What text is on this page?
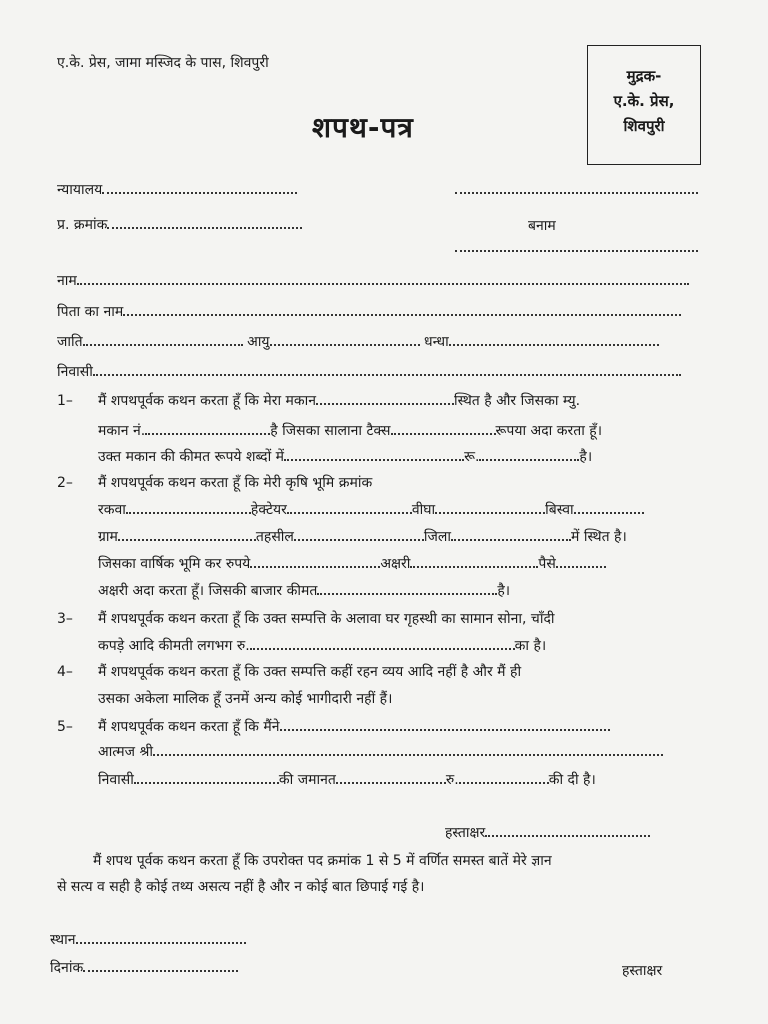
ए.के. प्रेस, जामा मस्जिद के पास, शिवपुरी
शपथ-पत्र
मुद्रक-
ए.के. प्रेस,
शिवपुरी
न्यायालय
प्र. क्रमांक	बनाम
नाम
पिता का नाम
जाति	आयु	धन्धा
निवासी
1– मैं शपथपूर्वक कथन करता हूँ कि मेरा मकान	स्थित है और जिसका म्यु.
मकान नं.	है जिसका सालाना टैक्स	रूपया अदा करता हूँ।
उक्त मकान की कीमत रूपये शब्दों में	रू.	है।
2– मैं शपथपूर्वक कथन करता हूँ कि मेरी कृषि भूमि क्रमांक
रकवा	हेक्टेयर	वीघा	बिस्वा
ग्राम	तहसील	जिला	में स्थित है।
जिसका वार्षिक भूमि कर रुपये	अक्षरी	पैसे
अक्षरी अदा करता हूँ। जिसकी बाजार कीमत	है।
3– मैं शपथपूर्वक कथन करता हूँ कि उक्त सम्पत्ति के अलावा घर गृहस्थी का सामान सोना, चाँदी
कपड़े आदि कीमती लगभग रु.	का है।
4– मैं शपथपूर्वक कथन करता हूँ कि उक्त सम्पत्ति कहीं रहन व्यय आदि नहीं है और मैं ही
उसका अकेला मालिक हूँ उनमें अन्य कोई भागीदारी नहीं हैं।
5– मैं शपथपूर्वक कथन करता हूँ कि मैंने
आत्मज श्री
निवासी	की जमानत	रु.	की दी है।
हस्ताक्षर
मैं शपथ पूर्वक कथन करता हूँ कि उपरोक्त पद क्रमांक 1 से 5 में वर्णित समस्त बातें मेरे ज्ञान
से सत्य व सही है कोई तथ्य असत्य नहीं है और न कोई बात छिपाई गई है।
स्थान
दिनांक	हस्ताक्षर
